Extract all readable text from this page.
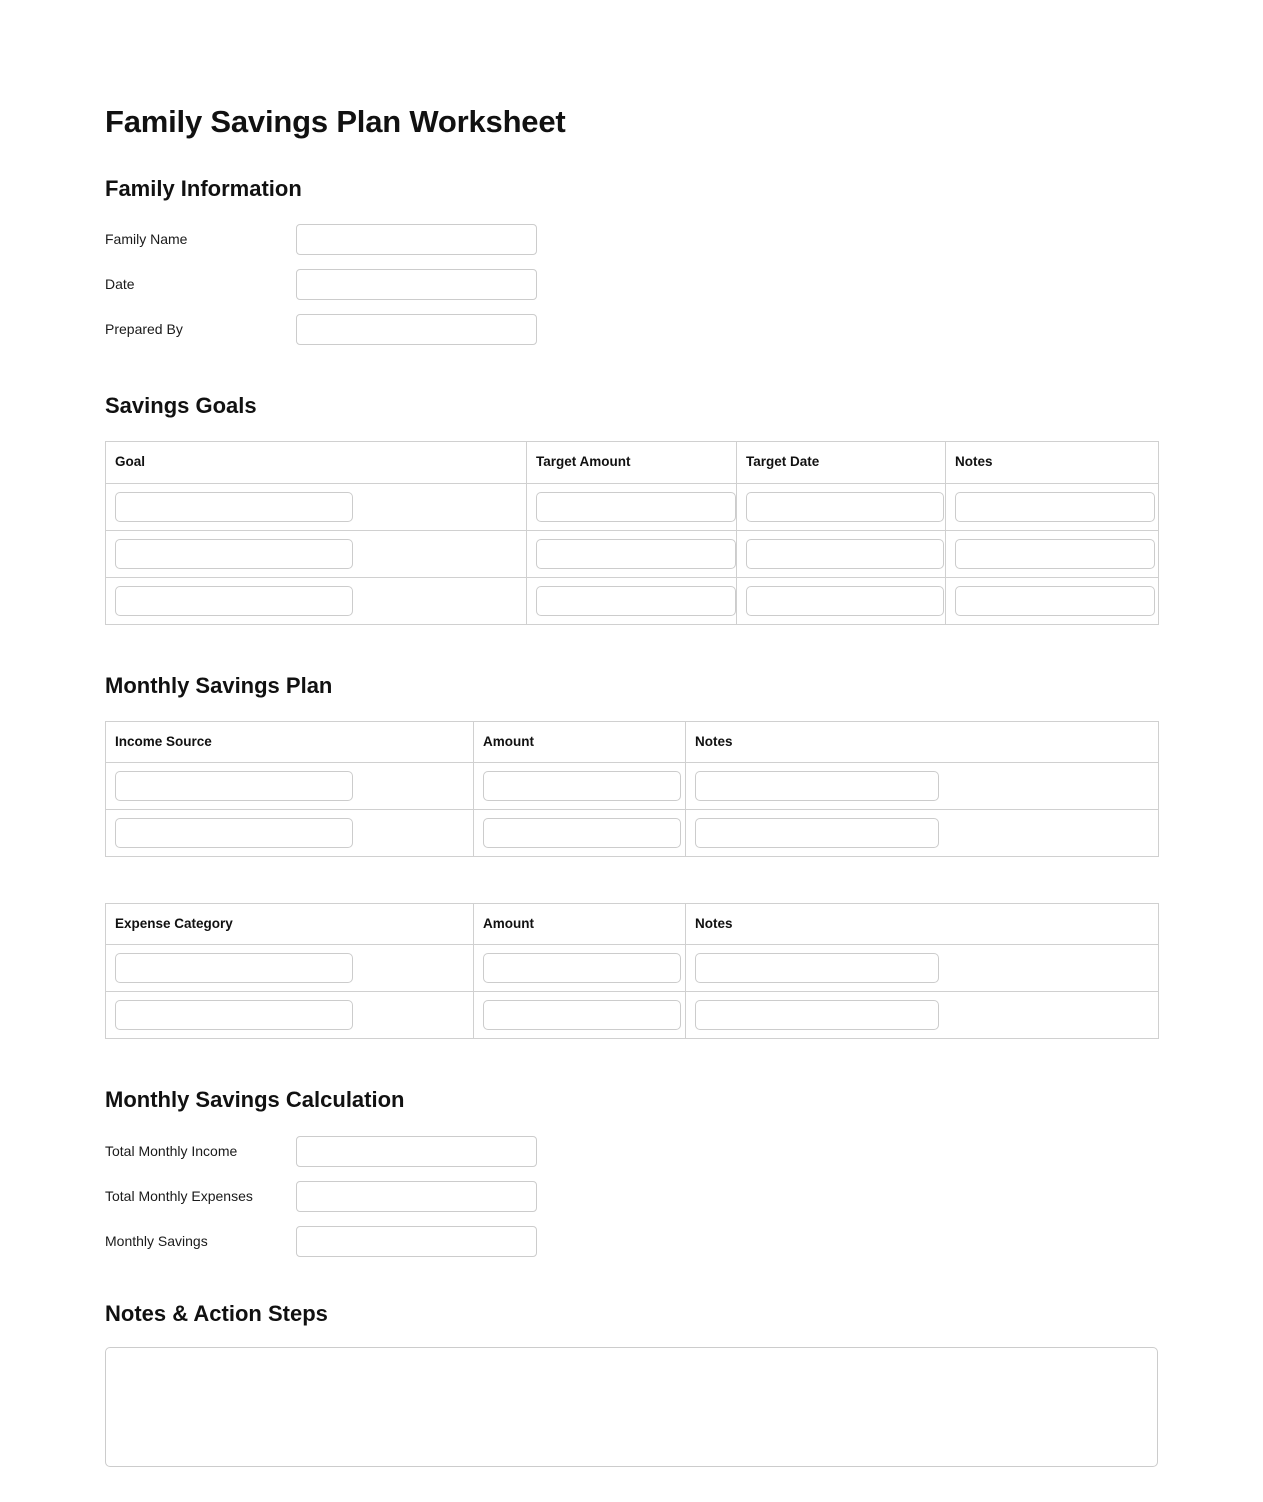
Family Savings Plan Worksheet
Family Information
Family Name
Date
Prepared By
Savings Goals
Goal	Target Amount	Target Date	Notes

Monthly Savings Plan
Income Source	Amount	Notes

Expense Category	Amount	Notes

Monthly Savings Calculation
Total Monthly Income
Total Monthly Expenses
Monthly Savings
Notes & Action Steps
